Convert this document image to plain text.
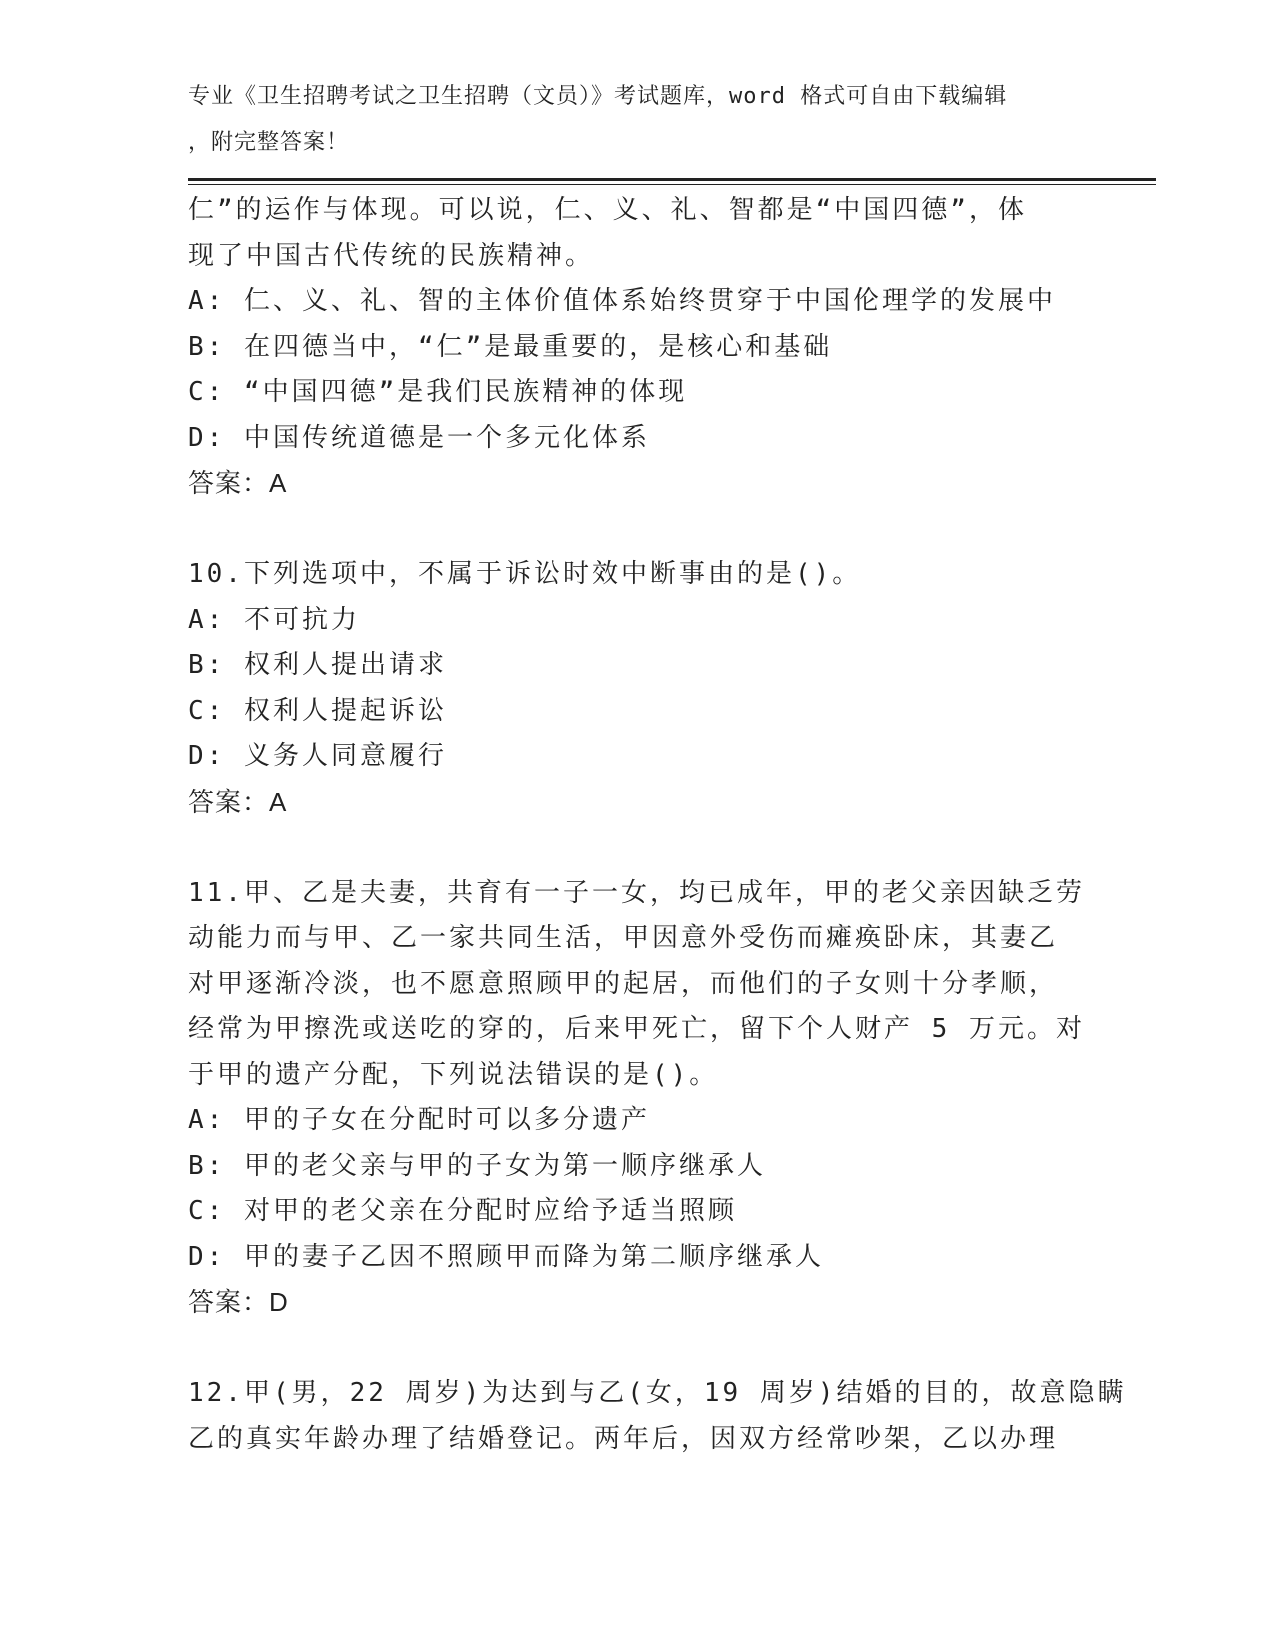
专业《卫生招聘考试之卫生招聘（文员）》考试题库，word 格式可自由下载编辑
，附完整答案！
仁”的运作与体现。可以说，仁、义、礼、智都是“中国四德”，体
现了中国古代传统的民族精神。
A: 仁、义、礼、智的主体价值体系始终贯穿于中国伦理学的发展中
B: 在四德当中，“仁”是最重要的，是核心和基础
C: “中国四德”是我们民族精神的体现
D: 中国传统道德是一个多元化体系
答案：A
10.下列选项中，不属于诉讼时效中断事由的是()。
A: 不可抗力
B: 权利人提出请求
C: 权利人提起诉讼
D: 义务人同意履行
答案：A
11.甲、乙是夫妻，共育有一子一女，均已成年，甲的老父亲因缺乏劳
动能力而与甲、乙一家共同生活，甲因意外受伤而瘫痪卧床，其妻乙
对甲逐渐冷淡，也不愿意照顾甲的起居，而他们的子女则十分孝顺，
经常为甲擦洗或送吃的穿的，后来甲死亡，留下个人财产 5 万元。对
于甲的遗产分配，下列说法错误的是()。
A: 甲的子女在分配时可以多分遗产
B: 甲的老父亲与甲的子女为第一顺序继承人
C: 对甲的老父亲在分配时应给予适当照顾
D: 甲的妻子乙因不照顾甲而降为第二顺序继承人
答案：D
12.甲(男，22 周岁)为达到与乙(女，19 周岁)结婚的目的，故意隐瞒
乙的真实年龄办理了结婚登记。两年后，因双方经常吵架，乙以办理
